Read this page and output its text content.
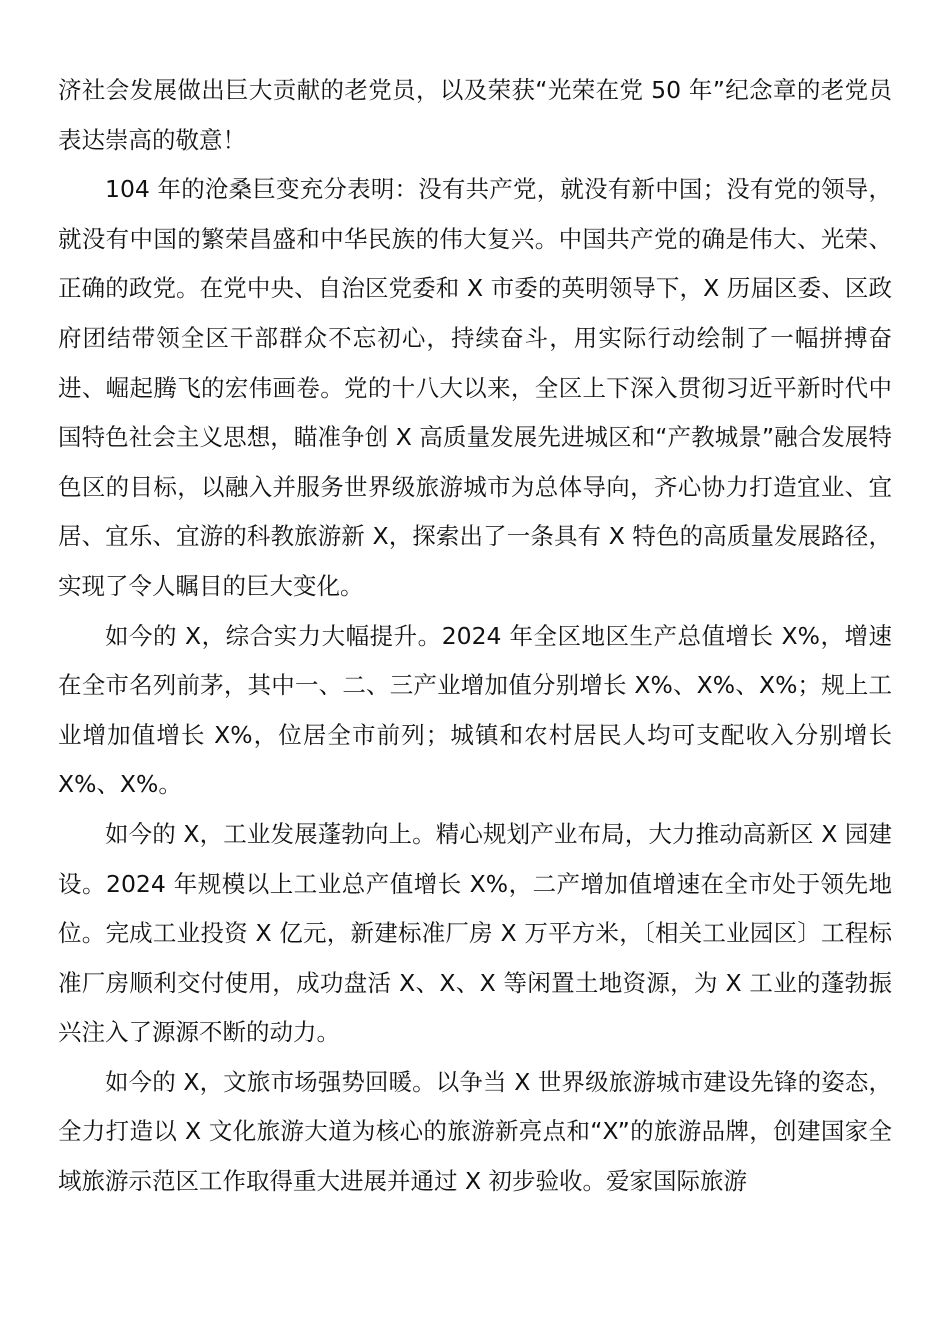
济社会发展做出巨大贡献的老党员，以及荣获“光荣在党 50 年”纪念章的老党员表达崇高的敬意！

104 年的沧桑巨变充分表明：没有共产党，就没有新中国；没有党的领导，就没有中国的繁荣昌盛和中华民族的伟大复兴。中国共产党的确是伟大、光荣、正确的政党。在党中央、自治区党委和 X 市委的英明领导下，X 历届区委、区政府团结带领全区干部群众不忘初心，持续奋斗，用实际行动绘制了一幅拼搏奋进、崛起腾飞的宏伟画卷。党的十八大以来，全区上下深入贯彻习近平新时代中国特色社会主义思想，瞄准争创 X 高质量发展先进城区和“产教城景”融合发展特色区的目标，以融入并服务世界级旅游城市为总体导向，齐心协力打造宜业、宜居、宜乐、宜游的科教旅游新 X，探索出了一条具有 X 特色的高质量发展路径，实现了令人瞩目的巨大变化。

如今的 X，综合实力大幅提升。2024 年全区地区生产总值增长 X%，增速在全市名列前茅，其中一、二、三产业增加值分别增长 X%、X%、X%；规上工业增加值增长 X%，位居全市前列；城镇和农村居民人均可支配收入分别增长 X%、X%。

如今的 X，工业发展蓬勃向上。精心规划产业布局，大力推动高新区 X 园建设。2024 年规模以上工业总产值增长 X%，二产增加值增速在全市处于领先地位。完成工业投资 X 亿元，新建标准厂房 X 万平方米，〔相关工业园区〕工程标准厂房顺利交付使用，成功盘活 X、X、X 等闲置土地资源，为 X 工业的蓬勃振兴注入了源源不断的动力。

如今的 X，文旅市场强势回暖。以争当 X 世界级旅游城市建设先锋的姿态，全力打造以 X 文化旅游大道为核心的旅游新亮点和“X”的旅游品牌，创建国家全域旅游示范区工作取得重大进展并通过 X 初步验收。爱家国际旅游
